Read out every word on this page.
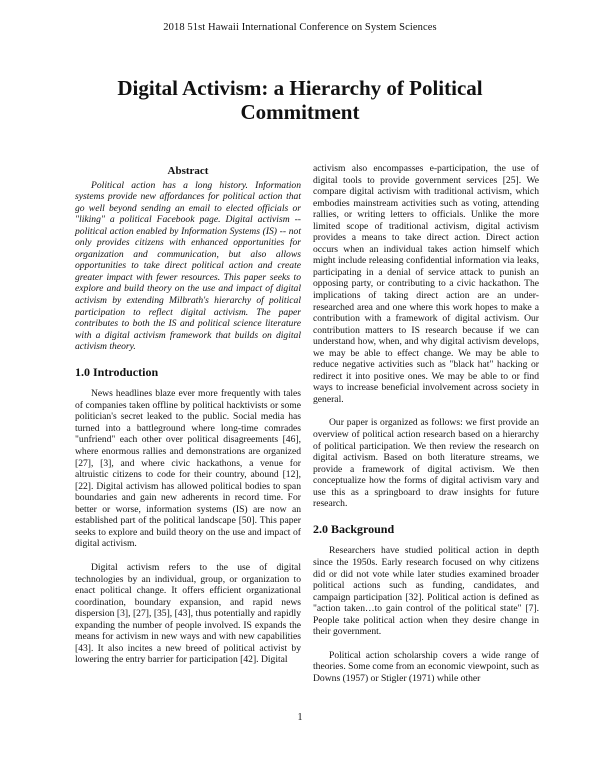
2018 51st Hawaii International Conference on System Sciences
Digital Activism: a Hierarchy of Political
Commitment

Abstract

Political action has a long history. Information systems provide new affordances for political action that go well beyond sending an email to elected officials or "liking" a political Facebook page. Digital activism -- political action enabled by Information Systems (IS) -- not only provides citizens with enhanced opportunities for organization and communication, but also allows opportunities to take direct political action and create greater impact with fewer resources. This paper seeks to explore and build theory on the use and impact of digital activism by extending Milbrath's hierarchy of political participation to reflect digital activism. The paper contributes to both the IS and political science literature with a digital activism framework that builds on digital activism theory.

1.0 Introduction

News headlines blaze ever more frequently with tales of companies taken offline by political hacktivists or some politician's secret leaked to the public. Social media has turned into a battleground where long-time comrades "unfriend" each other over political disagreements [46], where enormous rallies and demonstrations are organized [27], [3], and where civic hackathons, a venue for altruistic citizens to code for their country, abound [12], [22]. Digital activism has allowed political bodies to span boundaries and gain new adherents in record time. For better or worse, information systems (IS) are now an established part of the political landscape [50]. This paper seeks to explore and build theory on the use and impact of digital activism.

Digital activism refers to the use of digital technologies by an individual, group, or organization to enact political change. It offers efficient organizational coordination, boundary expansion, and rapid news dispersion [3], [27], [35], [43], thus potentially and rapidly expanding the number of people involved. IS expands the means for activism in new ways and with new capabilities [43]. It also incites a new breed of political activist by lowering the entry barrier for participation [42]. Digital

activism also encompasses e-participation, the use of digital tools to provide government services [25]. We compare digital activism with traditional activism, which embodies mainstream activities such as voting, attending rallies, or writing letters to officials. Unlike the more limited scope of traditional activism, digital activism provides a means to take direct action. Direct action occurs when an individual takes action himself which might include releasing confidential information via leaks, participating in a denial of service attack to punish an opposing party, or contributing to a civic hackathon. The implications of taking direct action are an under-researched area and one where this work hopes to make a contribution with a framework of digital activism. Our contribution matters to IS research because if we can understand how, when, and why digital activism develops, we may be able to effect change. We may be able to reduce negative activities such as "black hat" hacking or redirect it into positive ones. We may be able to or find ways to increase beneficial involvement across society in general.

Our paper is organized as follows: we first provide an overview of political action research based on a hierarchy of political participation. We then review the research on digital activism. Based on both literature streams, we provide a framework of digital activism. We then conceptualize how the forms of digital activism vary and use this as a springboard to draw insights for future research.

2.0 Background

Researchers have studied political action in depth since the 1950s. Early research focused on why citizens did or did not vote while later studies examined broader political actions such as funding, candidates, and campaign participation [32]. Political action is defined as "action taken…to gain control of the political state" [7]. People take political action when they desire change in their government.

Political action scholarship covers a wide range of theories. Some come from an economic viewpoint, such as Downs (1957) or Stigler (1971) while other

1
